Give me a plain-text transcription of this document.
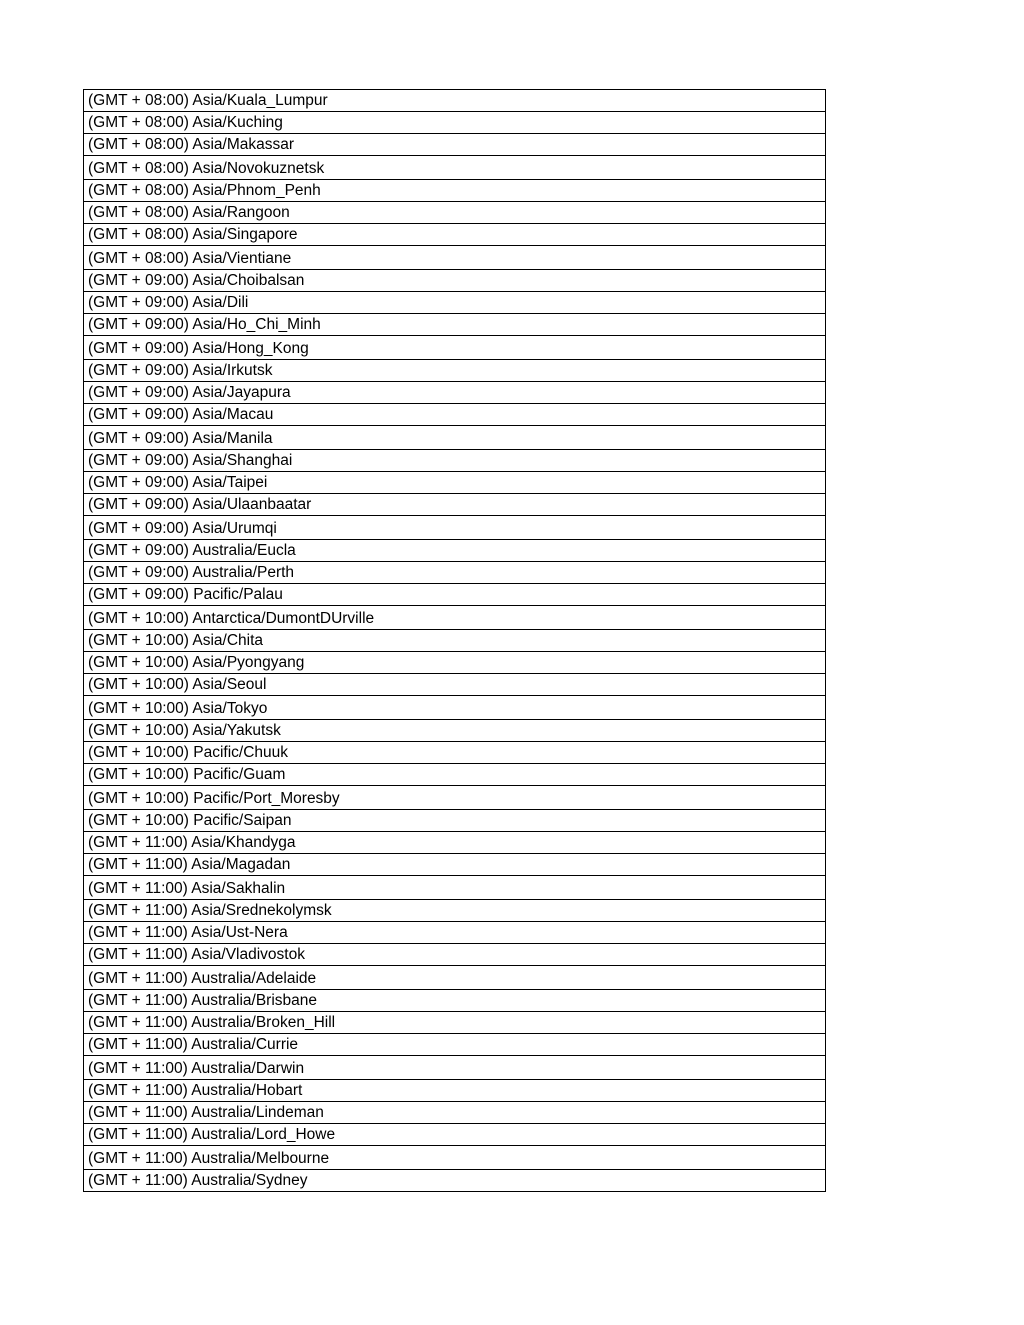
(GMT + 08:00) Asia/Kuala_Lumpur
(GMT + 08:00) Asia/Kuching
(GMT + 08:00) Asia/Makassar
(GMT + 08:00) Asia/Novokuznetsk
(GMT + 08:00) Asia/Phnom_Penh
(GMT + 08:00) Asia/Rangoon
(GMT + 08:00) Asia/Singapore
(GMT + 08:00) Asia/Vientiane
(GMT + 09:00) Asia/Choibalsan
(GMT + 09:00) Asia/Dili
(GMT + 09:00) Asia/Ho_Chi_Minh
(GMT + 09:00) Asia/Hong_Kong
(GMT + 09:00) Asia/Irkutsk
(GMT + 09:00) Asia/Jayapura
(GMT + 09:00) Asia/Macau
(GMT + 09:00) Asia/Manila
(GMT + 09:00) Asia/Shanghai
(GMT + 09:00) Asia/Taipei
(GMT + 09:00) Asia/Ulaanbaatar
(GMT + 09:00) Asia/Urumqi
(GMT + 09:00) Australia/Eucla
(GMT + 09:00) Australia/Perth
(GMT + 09:00) Pacific/Palau
(GMT + 10:00) Antarctica/DumontDUrville
(GMT + 10:00) Asia/Chita
(GMT + 10:00) Asia/Pyongyang
(GMT + 10:00) Asia/Seoul
(GMT + 10:00) Asia/Tokyo
(GMT + 10:00) Asia/Yakutsk
(GMT + 10:00) Pacific/Chuuk
(GMT + 10:00) Pacific/Guam
(GMT + 10:00) Pacific/Port_Moresby
(GMT + 10:00) Pacific/Saipan
(GMT + 11:00) Asia/Khandyga
(GMT + 11:00) Asia/Magadan
(GMT + 11:00) Asia/Sakhalin
(GMT + 11:00) Asia/Srednekolymsk
(GMT + 11:00) Asia/Ust-Nera
(GMT + 11:00) Asia/Vladivostok
(GMT + 11:00) Australia/Adelaide
(GMT + 11:00) Australia/Brisbane
(GMT + 11:00) Australia/Broken_Hill
(GMT + 11:00) Australia/Currie
(GMT + 11:00) Australia/Darwin
(GMT + 11:00) Australia/Hobart
(GMT + 11:00) Australia/Lindeman
(GMT + 11:00) Australia/Lord_Howe
(GMT + 11:00) Australia/Melbourne
(GMT + 11:00) Australia/Sydney
